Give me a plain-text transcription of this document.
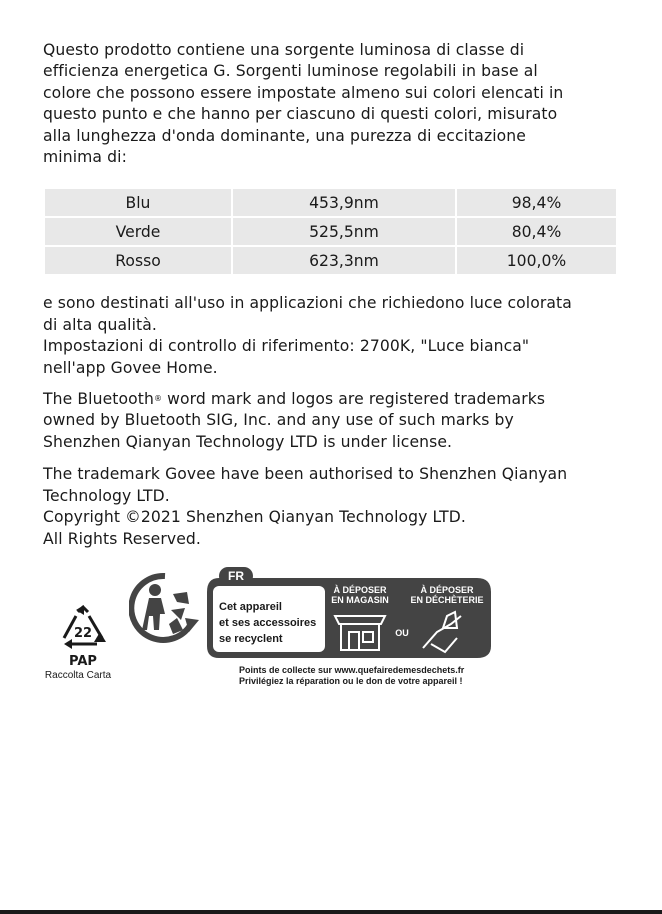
Questo prodotto contiene una sorgente luminosa di classe di
efficienza energetica G. Sorgenti luminose regolabili in base al
colore che possono essere impostate almeno sui colori elencati in
questo punto e che hanno per ciascuno di questi colori, misurato
alla lunghezza d'onda dominante, una purezza di eccitazione
minima di:

Blu	453,9nm	98,4%
Verde	525,5nm	80,4%
Rosso	623,3nm	100,0%

e sono destinati all'uso in applicazioni che richiedono luce colorata
di alta qualità.
Impostazioni di controllo di riferimento: 2700K, "Luce bianca"
nell'app Govee Home.

The Bluetooth® word mark and logos are registered trademarks
owned by Bluetooth SIG, Inc. and any use of such marks by
Shenzhen Qianyan Technology LTD is under license.

The trademark Govee have been authorised to Shenzhen Qianyan
Technology LTD.
Copyright ©2021 Shenzhen Qianyan Technology LTD.
All Rights Reserved.

22
PAP
Raccolta Carta
FR
Cet appareil
et ses accessoires
se recyclent
À DÉPOSER
EN MAGASIN
À DÉPOSER
EN DÉCHÈTERIE
OU
Points de collecte sur www.quefairedemesdechets.fr
Privilégiez la réparation ou le don de votre appareil !
